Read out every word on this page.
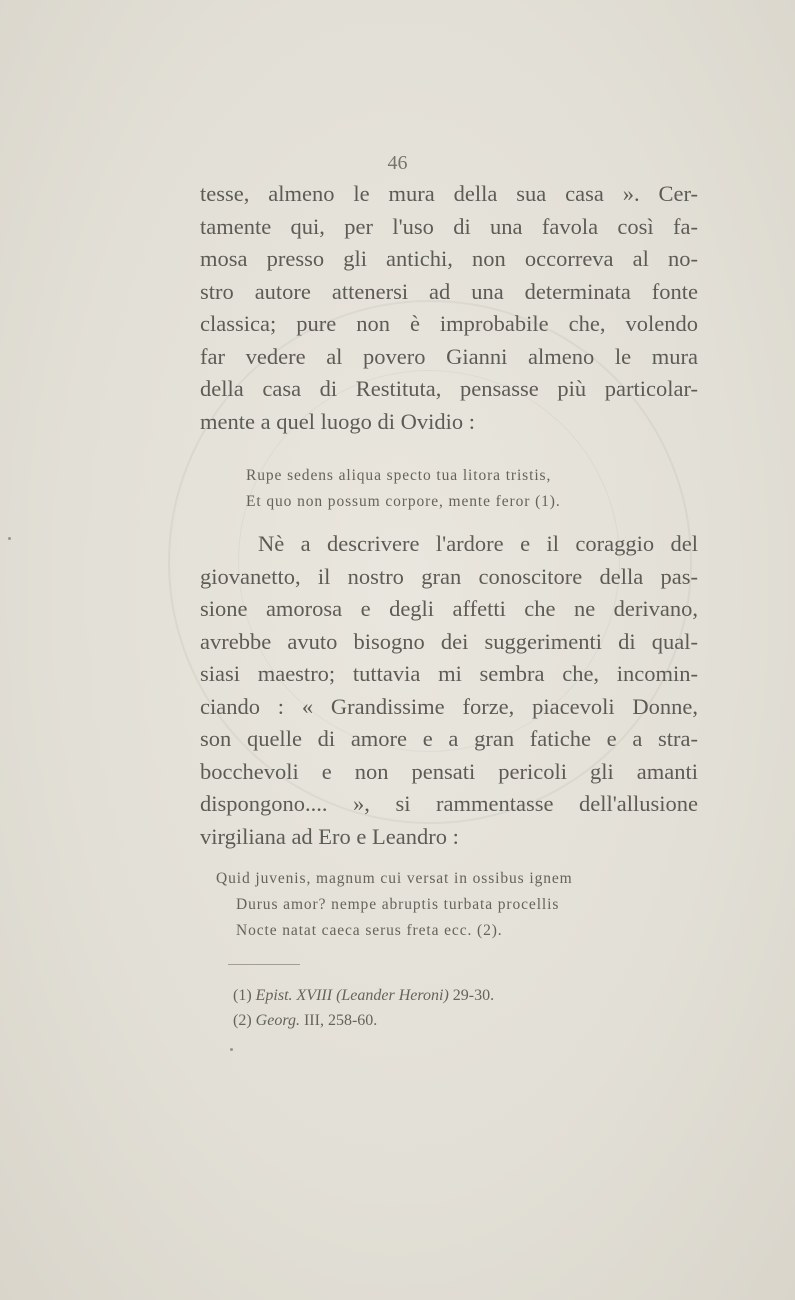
46

tesse, almeno le mura della sua casa ». Cer-
tamente qui, per l'uso di una favola così fa-
mosa presso gli antichi, non occorreva al no-
stro autore attenersi ad una determinata fonte
classica; pure non è improbabile che, volendo
far vedere al povero Gianni almeno le mura
della casa di Restituta, pensasse più particolar-
mente a quel luogo di Ovidio :

Rupe sedens aliqua specto tua litora tristis,
Et quo non possum corpore, mente feror (1).

Nè a descrivere l'ardore e il coraggio del
giovanetto, il nostro gran conoscitore della pas-
sione amorosa e degli affetti che ne derivano,
avrebbe avuto bisogno dei suggerimenti di qual-
siasi maestro; tuttavia mi sembra che, incomin-
ciando : « Grandissime forze, piacevoli Donne,
son quelle di amore e a gran fatiche e a stra-
bocchevoli e non pensati pericoli gli amanti
dispongono.... », si rammentasse dell'allusione
virgiliana ad Ero e Leandro :

Quid juvenis, magnum cui versat in ossibus ignem
Durus amor? nempe abruptis turbata procellis
Nocte natat caeca serus freta ecc. (2).
(1) Epist. XVIII (Leander Heroni) 29-30.
(2) Georg. III, 258-60.
